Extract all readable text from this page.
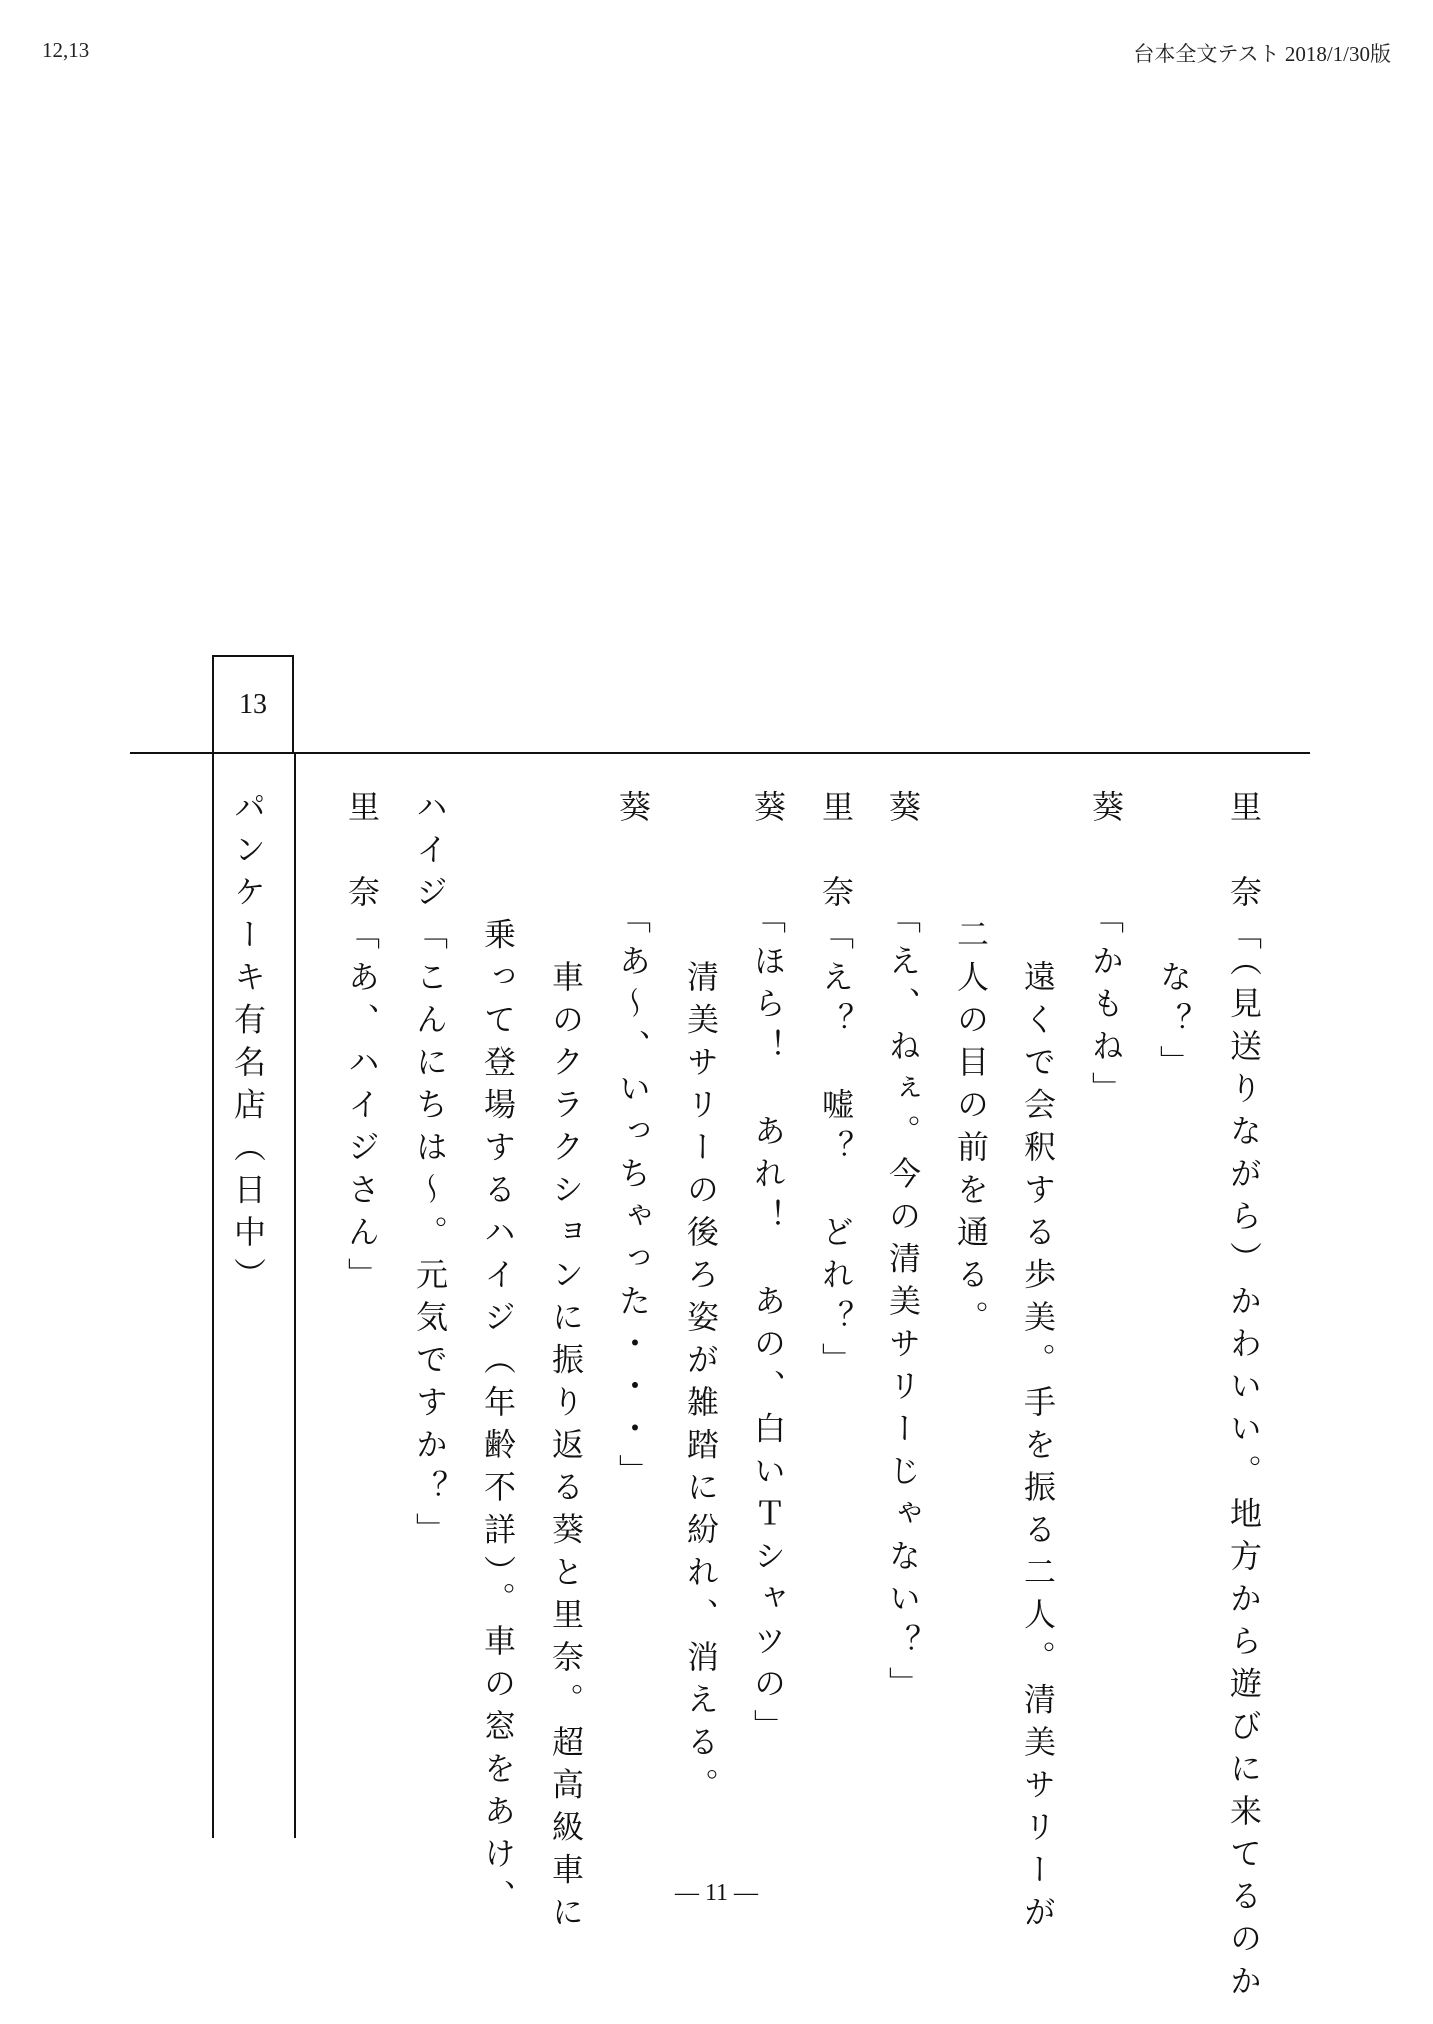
12,13	台本全文テスト 2018/1/30版
13
パンケーキ有名店（日中）	里　奈「（見送りながら）かわいい。地方から遊びに来てるのか
　　　　な？」
葵　　「かもね」
　　　　遠くで会釈する歩美。手を振る二人。清美サリーが
　　　二人の目の前を通る。
葵　　「え、ねぇ。今の清美サリーじゃない？」
里　奈「え？　嘘？　どれ？」
葵　　「ほら！　あれ！　あの、白いＴシャツの」
　　　　清美サリーの後ろ姿が雑踏に紛れ、消える。
葵　　「あ〜、いっちゃった・・・」
　　　　車のクラクションに振り返る葵と里奈。超高級車に
　　　乗って登場するハイジ（年齢不詳）。車の窓をあけ、
ハイジ「こんにちは〜。元気ですか？」
里　奈「あ、ハイジさん」
― 11 ―
